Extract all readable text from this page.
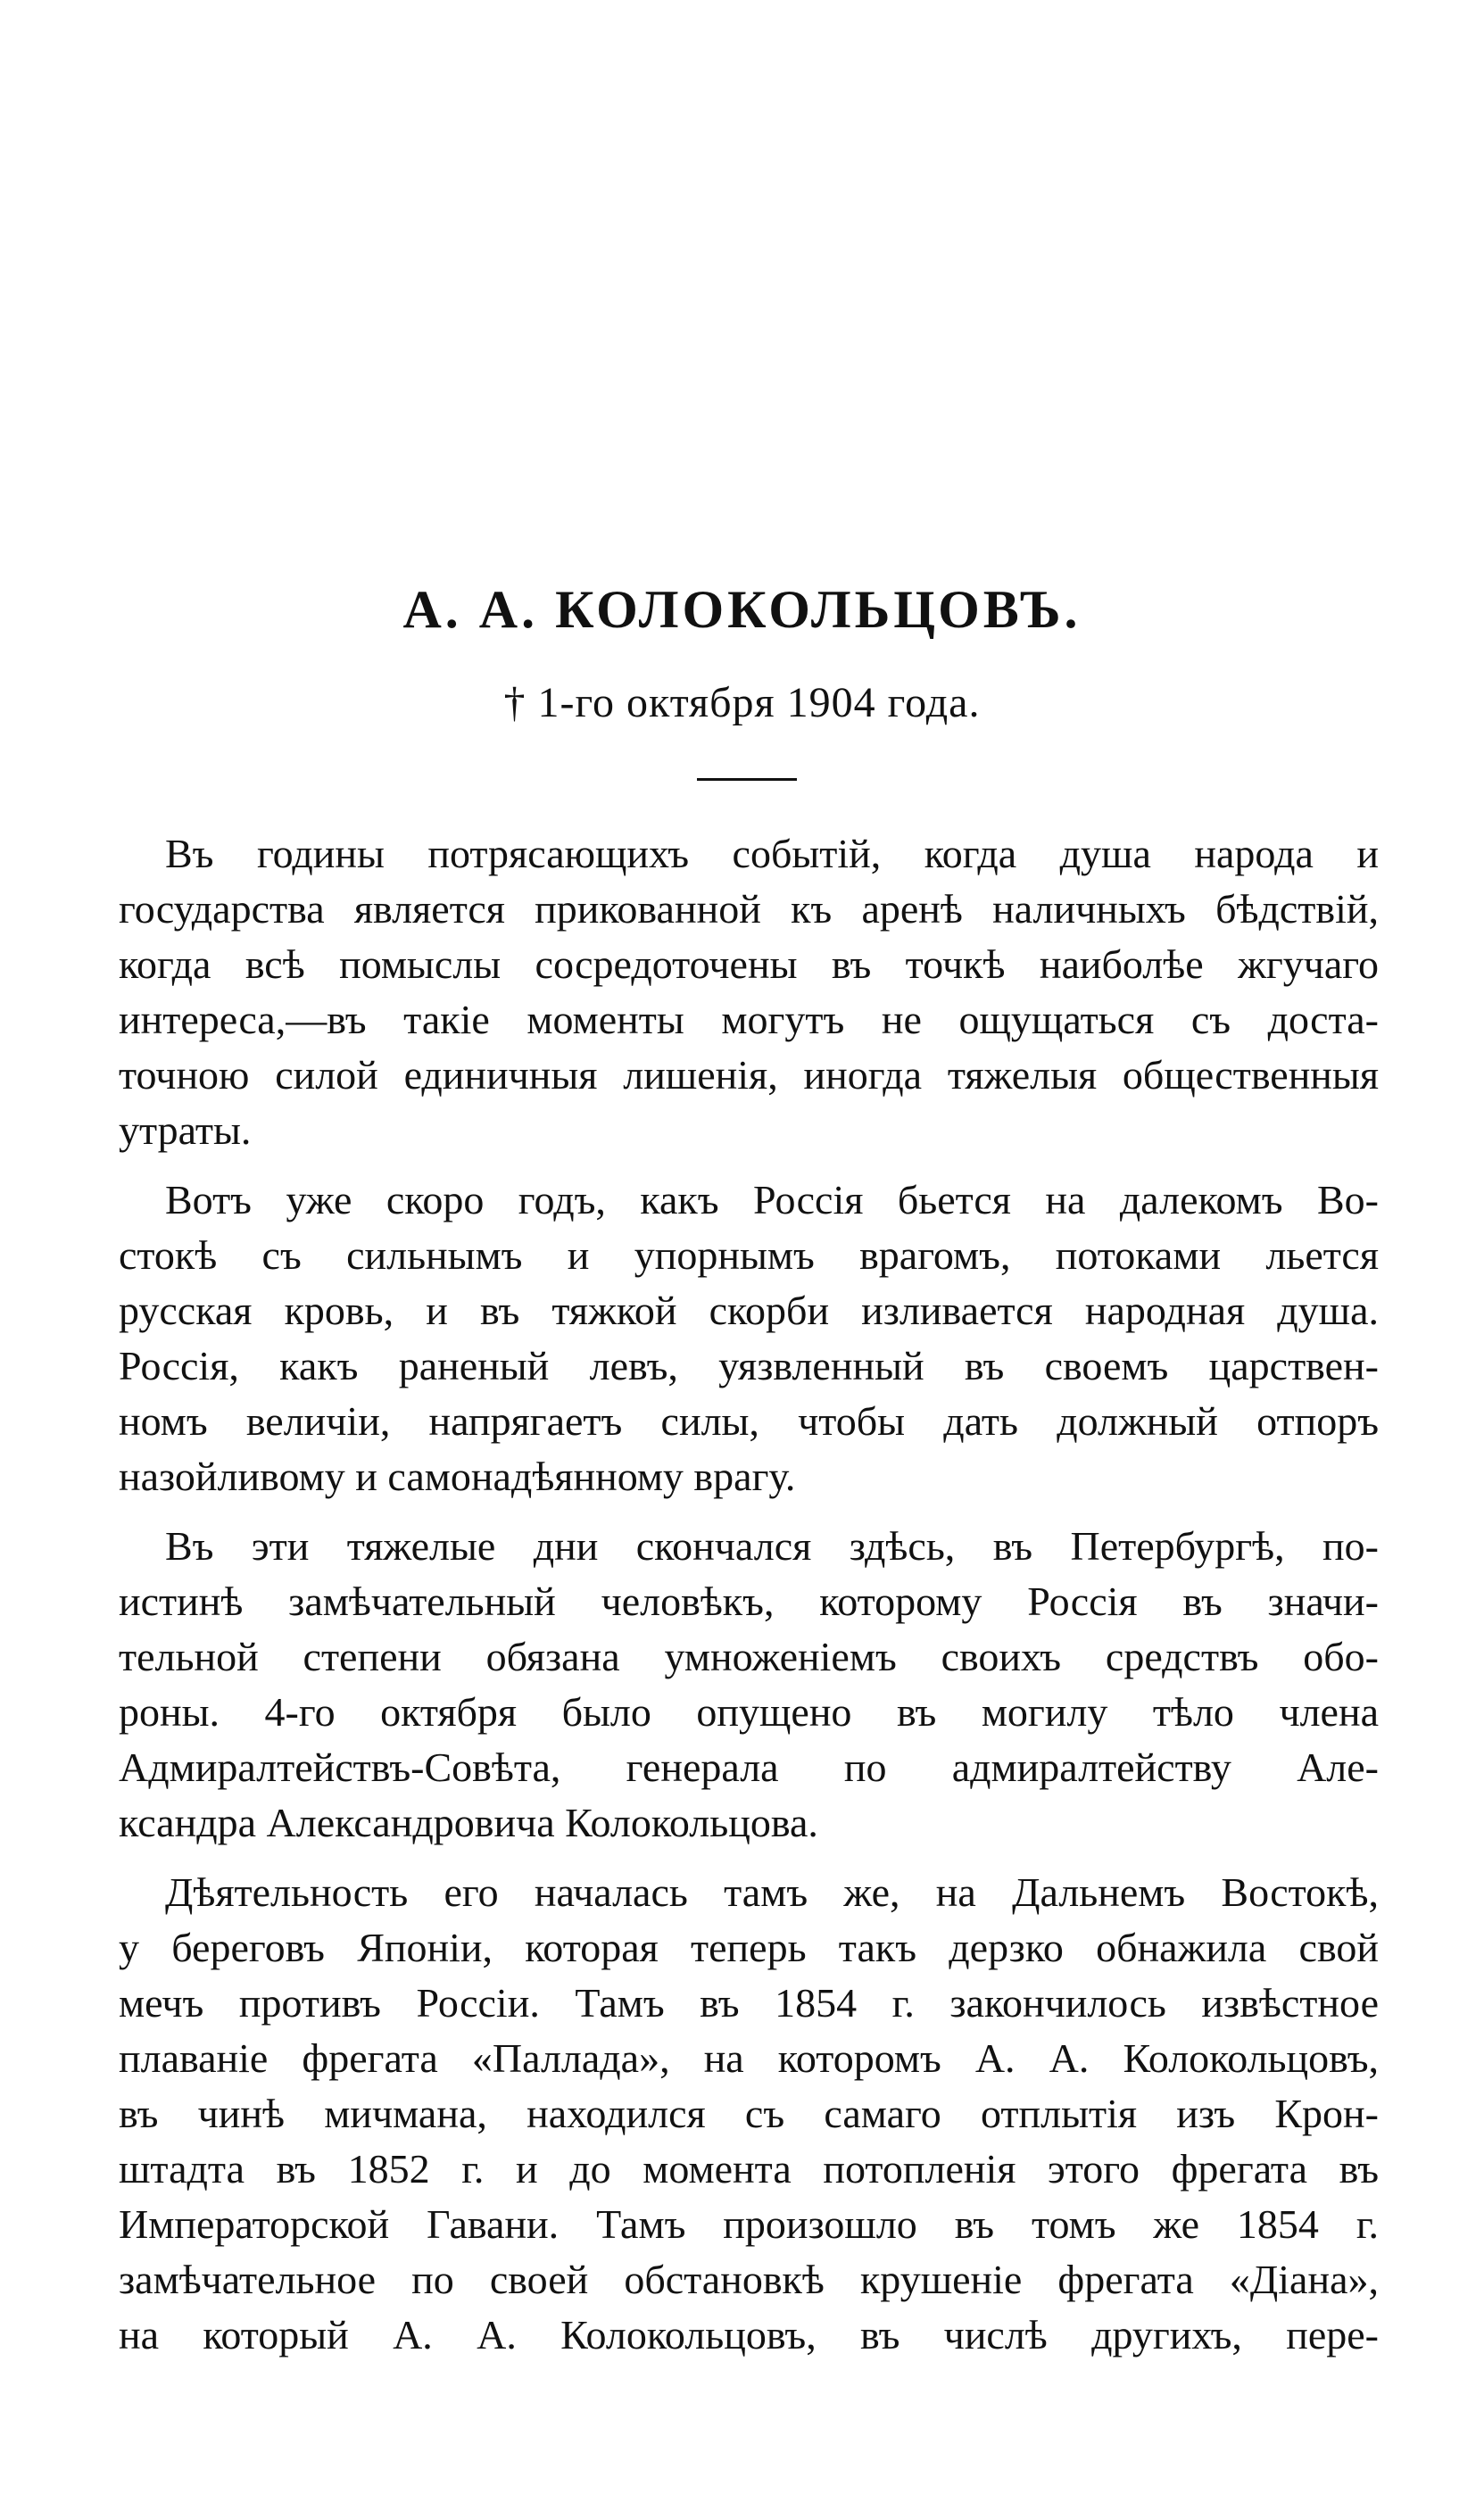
А. А. КОЛОКОЛЬЦОВЪ.
† 1-го октября 1904 года.

Въ годины потрясающихъ событій, когда душа народа и
государства является прикованной къ аренѣ наличныхъ бѣдствій,
когда всѣ помыслы сосредоточены въ точкѣ наиболѣе жгучаго
интереса,—въ такіе моменты могутъ не ощущаться съ доста-
точною силой единичныя лишенія, иногда тяжелыя общественныя
утраты.

Вотъ уже скоро годъ, какъ Россія бьется на далекомъ Во-
стокѣ съ сильнымъ и упорнымъ врагомъ, потоками льется
русская кровь, и въ тяжкой скорби изливается народная душа.
Россія, какъ раненый левъ, уязвленный въ своемъ царствен-
номъ величіи, напрягаетъ силы, чтобы дать должный отпоръ
назойливому и самонадѣянному врагу.

Въ эти тяжелые дни скончался здѣсь, въ Петербургѣ, по-
истинѣ замѣчательный человѣкъ, которому Россія въ значи-
тельной степени обязана умноженіемъ своихъ средствъ обо-
роны. 4-го октября было опущено въ могилу тѣло члена
Адмиралтействъ-Совѣта, генерала по адмиралтейству Але-
ксандра Александровича Колокольцова.

Дѣятельность его началась тамъ же, на Дальнемъ Востокѣ,
у береговъ Японіи, которая теперь такъ дерзко обнажила свой
мечъ противъ Россіи. Тамъ въ 1854 г. закончилось извѣстное
плаваніе фрегата «Паллада», на которомъ А. А. Колокольцовъ,
въ чинѣ мичмана, находился съ самаго отплытія изъ Крон-
штадта въ 1852 г. и до момента потопленія этого фрегата въ
Императорской Гавани. Тамъ произошло въ томъ же 1854 г.
замѣчательное по своей обстановкѣ крушеніе фрегата «Діана»,
на который А. А. Колокольцовъ, въ числѣ другихъ, пере-
